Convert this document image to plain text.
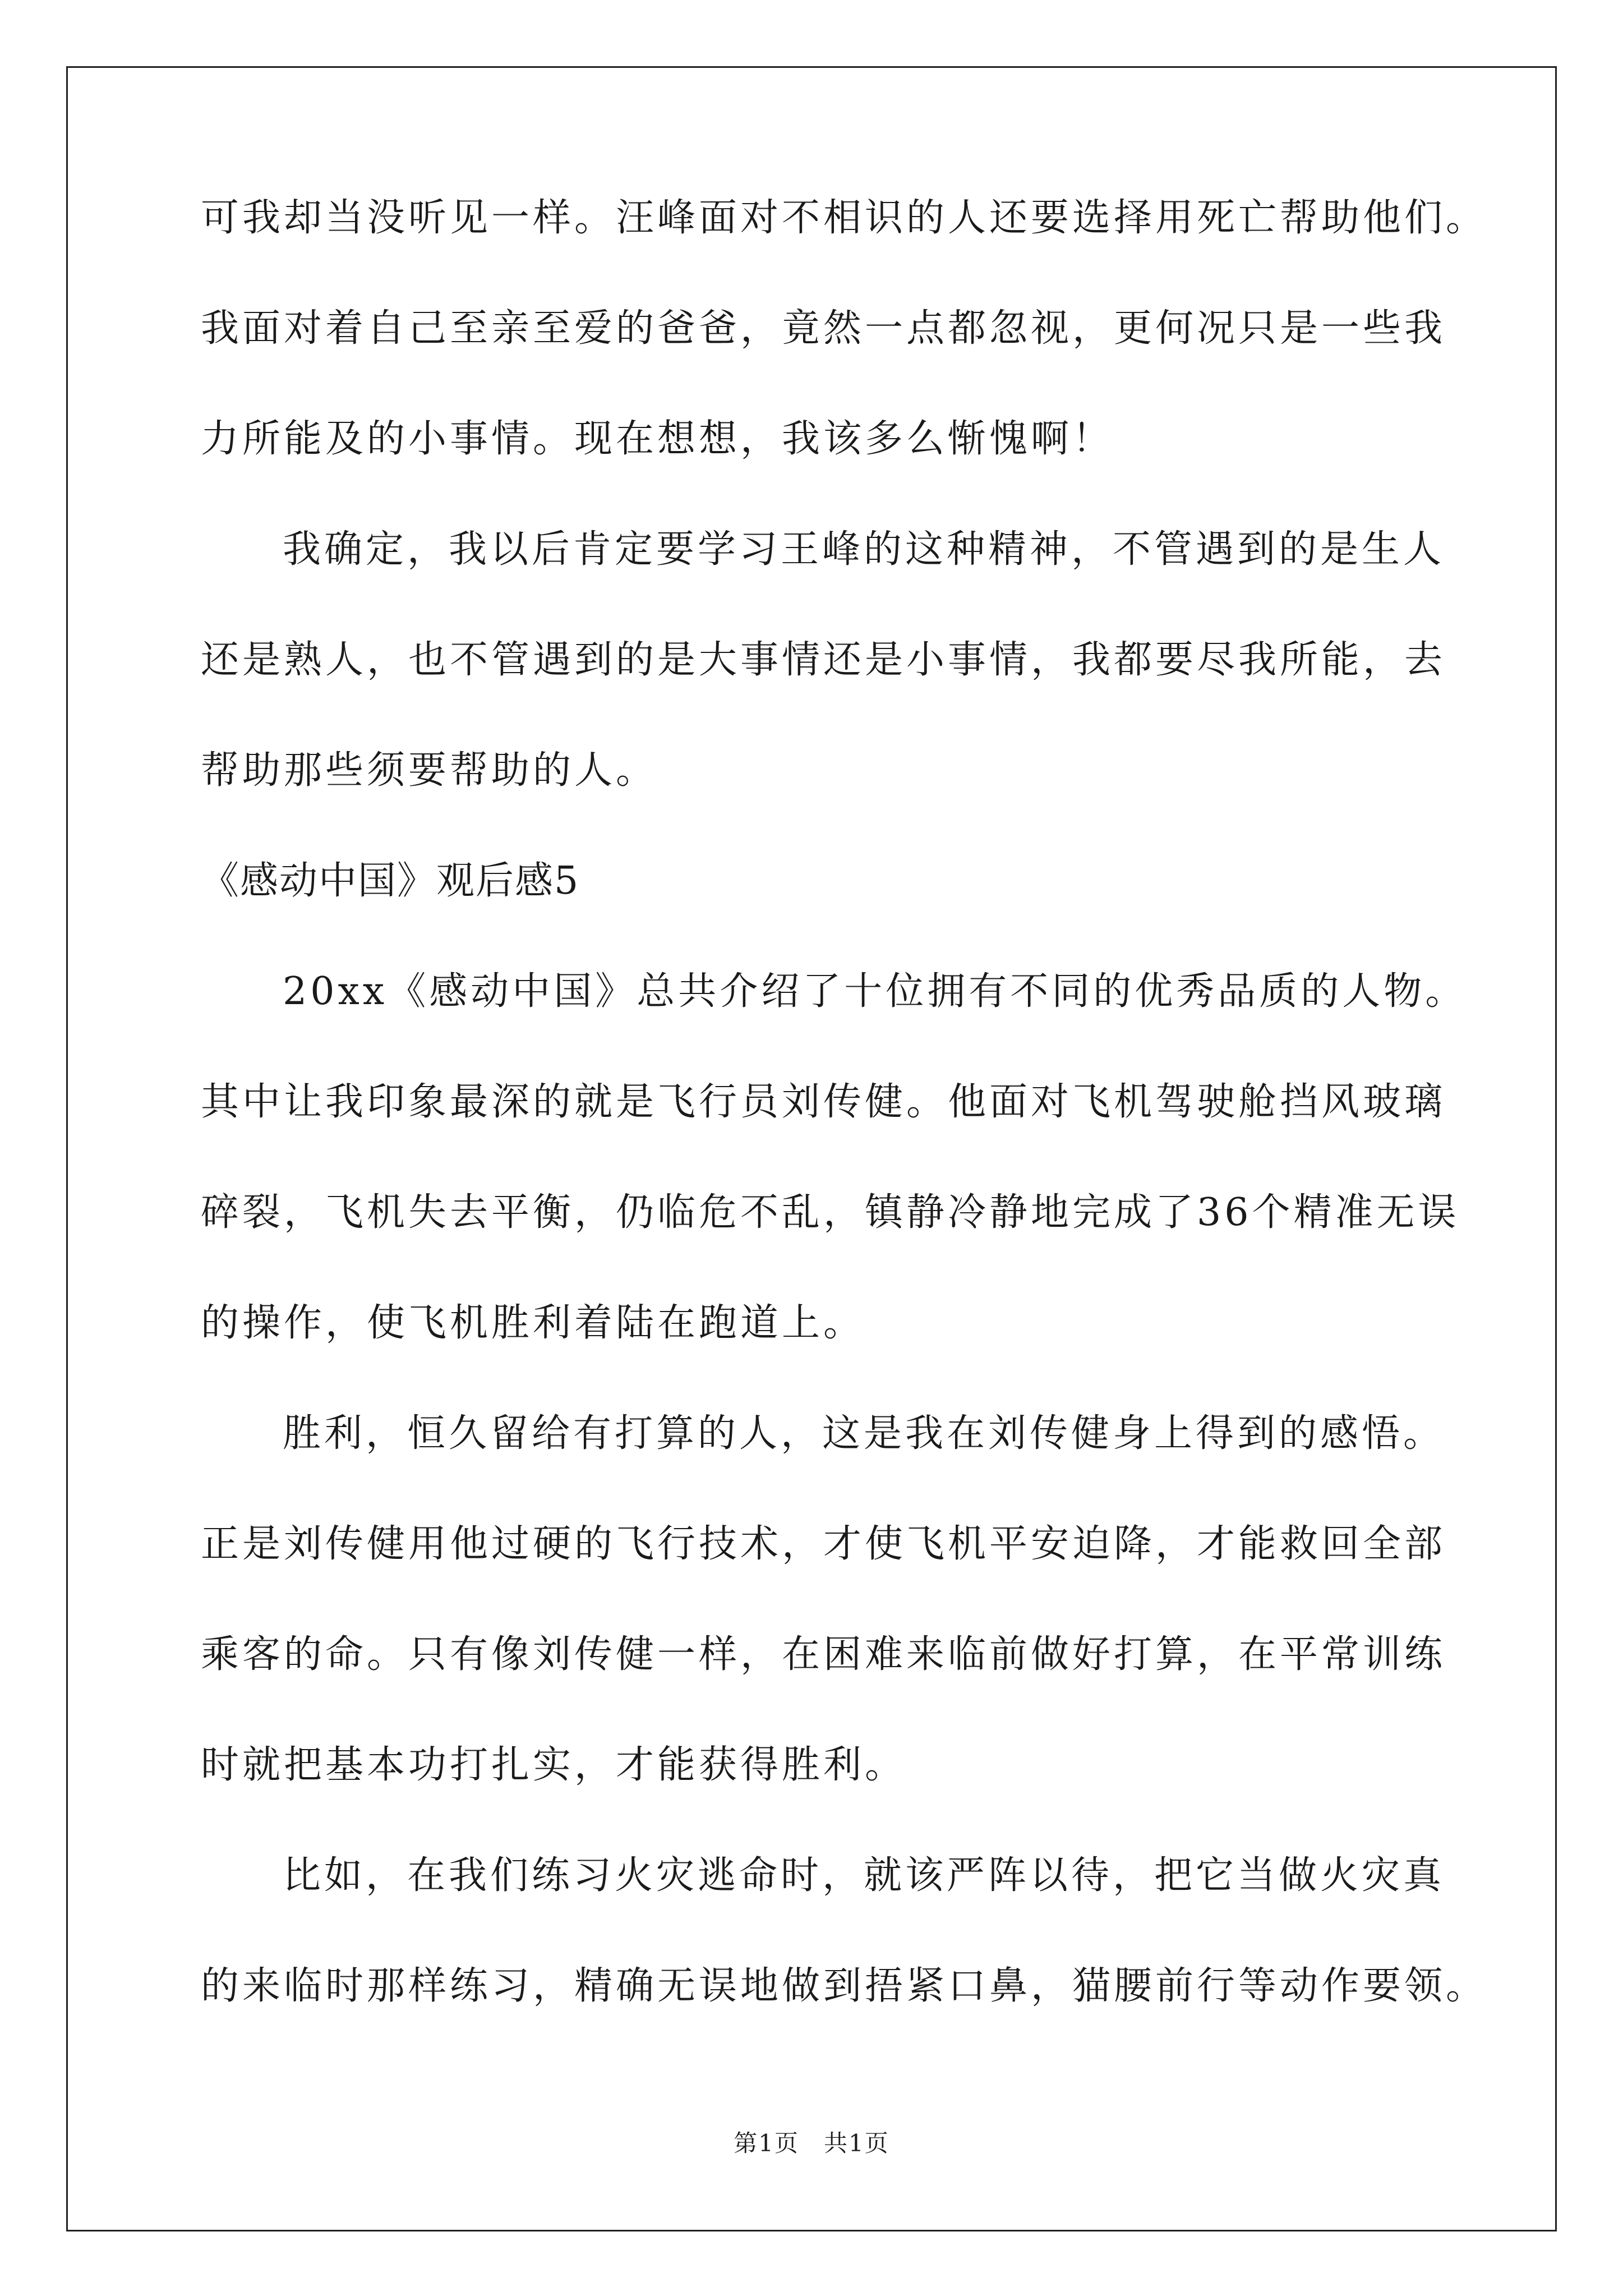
可我却当没听见一样。汪峰面对不相识的人还要选择用死亡帮助他们。
我面对着自己至亲至爱的爸爸，竟然一点都忽视，更何况只是一些我
力所能及的小事情。现在想想，我该多么惭愧啊！
我确定，我以后肯定要学习王峰的这种精神，不管遇到的是生人
还是熟人，也不管遇到的是大事情还是小事情，我都要尽我所能，去
帮助那些须要帮助的人。
《感动中国》观后感5
20xx《感动中国》总共介绍了十位拥有不同的优秀品质的人物。
其中让我印象最深的就是飞行员刘传健。他面对飞机驾驶舱挡风玻璃
碎裂，飞机失去平衡，仍临危不乱，镇静冷静地完成了36个精准无误
的操作，使飞机胜利着陆在跑道上。
胜利，恒久留给有打算的人，这是我在刘传健身上得到的感悟。
正是刘传健用他过硬的飞行技术，才使飞机平安迫降，才能救回全部
乘客的命。只有像刘传健一样，在困难来临前做好打算，在平常训练
时就把基本功打扎实，才能获得胜利。
比如，在我们练习火灾逃命时，就该严阵以待，把它当做火灾真
的来临时那样练习，精确无误地做到捂紧口鼻，猫腰前行等动作要领。
第1页　共1页
